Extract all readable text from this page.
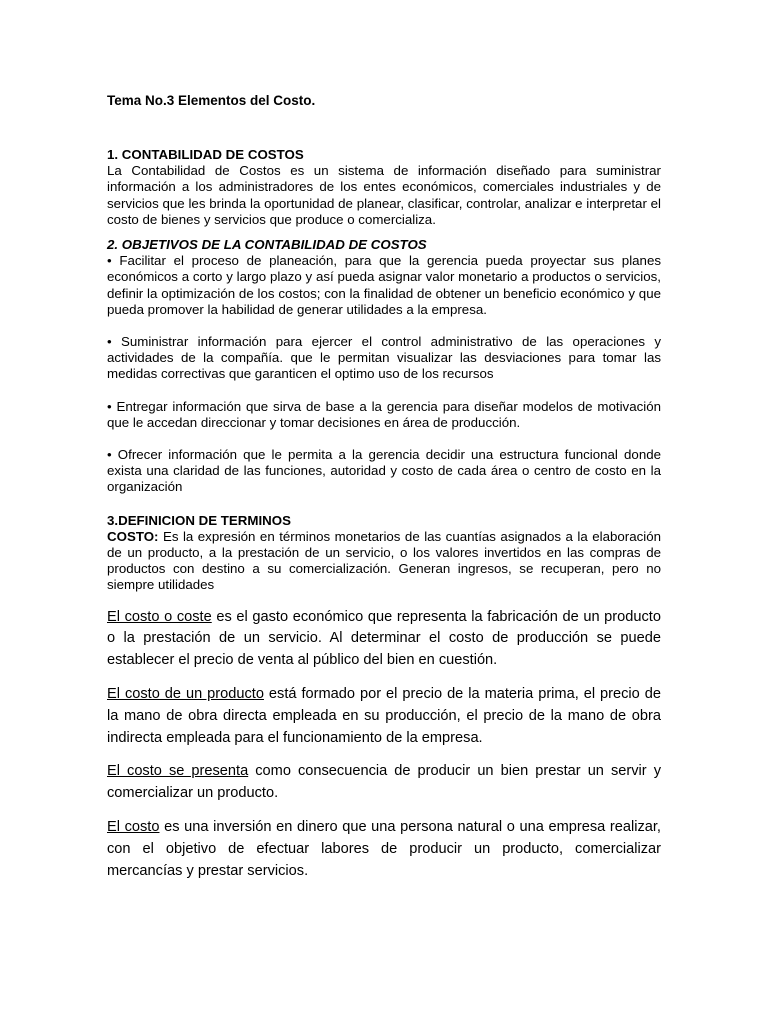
Tema No.3 Elementos del Costo.

1. CONTABILIDAD DE COSTOS

La Contabilidad de Costos es un sistema de información diseñado para suministrar información a los administradores de los entes económicos, comerciales industriales y de servicios que les brinda la oportunidad de planear, clasificar, controlar, analizar e interpretar el costo de bienes y servicios que produce o comercializa.

2. OBJETIVOS DE LA CONTABILIDAD DE COSTOS

• Facilitar el proceso de planeación, para que la gerencia pueda proyectar sus planes económicos a corto y largo plazo y así pueda asignar valor monetario a productos o servicios, definir la optimización de los costos; con la finalidad de obtener un beneficio económico y que pueda promover la habilidad de generar utilidades a la empresa.

• Suministrar información para ejercer el control administrativo de las operaciones y actividades de la compañía. que le permitan visualizar las desviaciones para tomar las medidas correctivas que garanticen el optimo uso de los recursos

• Entregar información que sirva de base a la gerencia para diseñar modelos de motivación que le accedan direccionar y tomar decisiones en área de producción.

• Ofrecer información que le permita a la gerencia decidir una estructura funcional donde exista una claridad de las funciones, autoridad y costo de cada área o centro de costo en la organización

3.DEFINICION DE TERMINOS

COSTO: Es la expresión en términos monetarios de las cuantías asignados a la elaboración de un producto, a la prestación de un servicio, o los valores invertidos en las compras de productos con destino a su comercialización. Generan ingresos, se recuperan, pero no siempre utilidades

El costo o coste es el gasto económico que representa la fabricación de un producto o la prestación de un servicio. Al determinar el costo de producción se puede establecer el precio de venta al público del bien en cuestión.

El costo de un producto está formado por el precio de la materia prima, el precio de la mano de obra directa empleada en su producción, el precio de la mano de obra indirecta empleada para el funcionamiento de la empresa.

El costo se presenta como consecuencia de producir un bien prestar un servir y comercializar un producto.

El costo es una inversión en dinero que una persona natural o una empresa realizar, con el objetivo de efectuar labores de producir un producto, comercializar mercancías y prestar servicios.
